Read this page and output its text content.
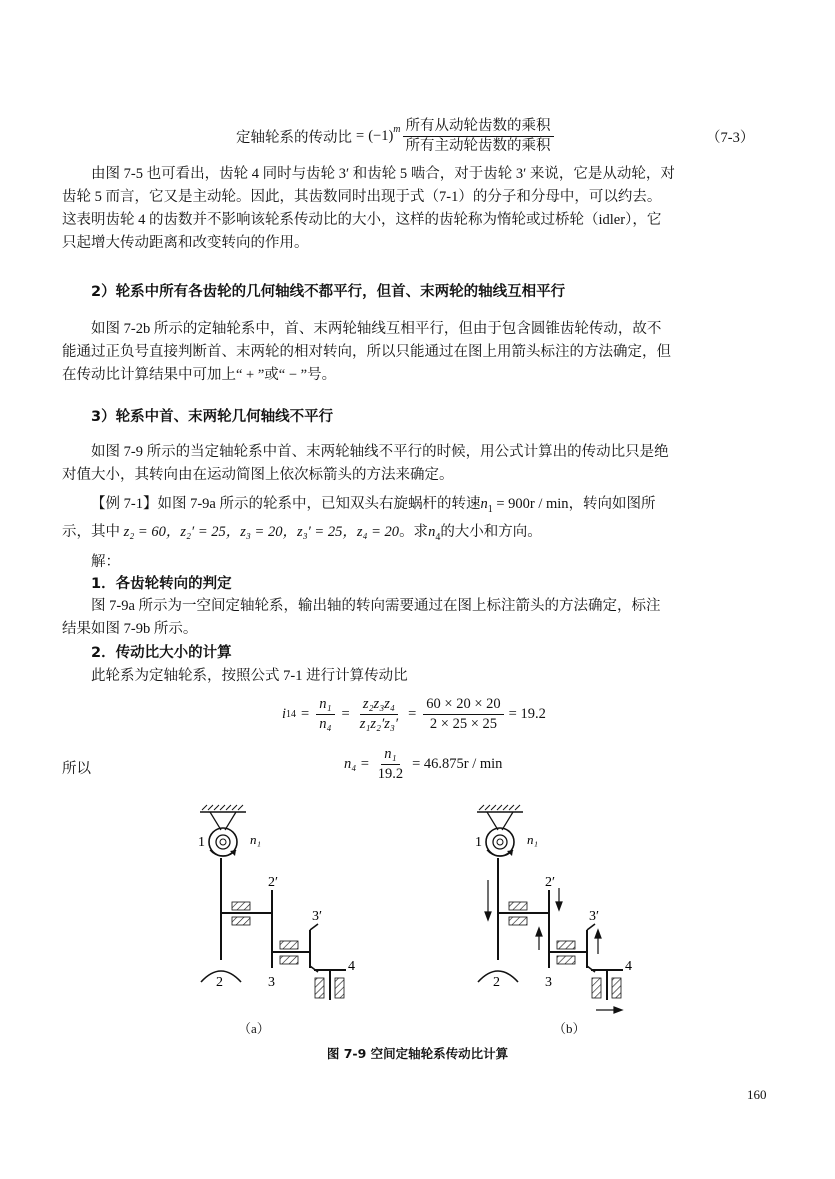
定轴轮系的传动比 = $(-1)^m \frac{\text{所有从动轮齿数的乘积}}{\text{所有主动轮齿数的乘积}}$	（7-3）
由图 7-5 也可看出，齿轮 4 同时与齿轮 3′ 和齿轮 5 啮合，对于齿轮 3′ 来说，它是从动轮，对
齿轮 5 而言，它又是主动轮。因此，其齿数同时出现于式（7-1）的分子和分母中，可以约去。
这表明齿轮 4 的齿数并不影响该轮系传动比的大小，这样的齿轮称为惰轮或过桥轮（idler），它
只起增大传动距离和改变转向的作用。
2）轮系中所有各齿轮的几何轴线不都平行，但首、末两轮的轴线互相平行
如图 7-2b 所示的定轴轮系中，首、末两轮轴线互相平行，但由于包含圆锥齿轮传动，故不
能通过正负号直接判断首、末两轮的相对转向，所以只能通过在图上用箭头标注的方法确定，但
在传动比计算结果中可加上“ + ”或“ − ”号。
3）轮系中首、末两轮几何轴线不平行
如图 7-9 所示的当定轴轮系中首、末两轮轴线不平行的时候，用公式计算出的传动比只是绝
对值大小，其转向由在运动简图上依次标箭头的方法来确定。
【例 7-1】如图 7-9a 所示的轮系中，已知双头右旋蜗杆的转速$n_1 = 900r / \min$，转向如图所
示，其中 z₂ = 60，z₂′ = 25，z₃ = 20，z₃′ = 25，z₄ = 20。求$n_4$的大小和方向。
解：
1．各齿轮转向的判定
图 7-9a 所示为一空间定轴轮系，输出轴的转向需要通过在图上标注箭头的方法确定，标注
结果如图 7-9b 所示。
2．传动比大小的计算
此轮系为定轴轮系，按照公式 7-1 进行计算传动比
i $14 = \frac{\text{n₁}}{\text{n₄}} = \frac{\text{z₂z₃z₄}}{\text{z₁z₂′z₃′}} = \frac{60 \times 20 \times 20}{2 \times 25 \times 25} = 19.2$
所以	$n_4 = \frac{\text{n₁}}{19.2} = 46.875r / \min$
1	n₁
2′
3′
4
2	3
1	n₁
2′
3′
4
2	3
（a）	（b）
图 7-9 空间定轴轮系传动比计算
160
